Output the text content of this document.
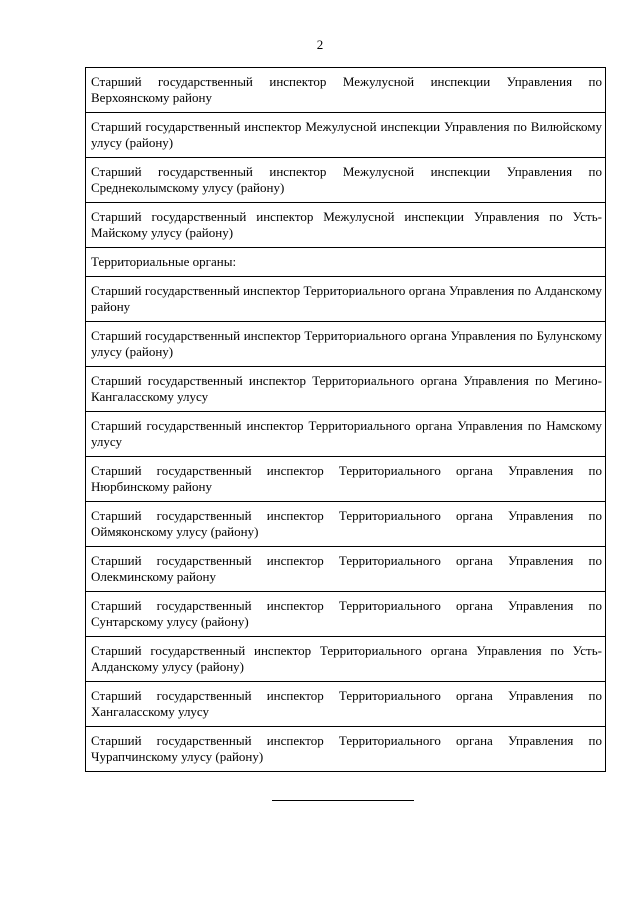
2
Старший государственный инспектор Межулусной инспекции Управления по Верхоянскому району

Старший государственный инспектор Межулусной инспекции Управления по Вилюйскому улусу (району)

Старший государственный инспектор Межулусной инспекции Управления по Среднеколымскому улусу (району)

Старший государственный инспектор Межулусной инспекции Управления по Усть-Майскому улусу (району)

Территориальные органы:

Старший государственный инспектор Территориального органа Управления по Алданскому району

Старший государственный инспектор Территориального органа Управления по Булунскому улусу (району)

Старший государственный инспектор Территориального органа Управления по Мегино-Кангаласскому улусу

Старший государственный инспектор Территориального органа Управления по Намскому улусу

Старший государственный инспектор Территориального органа Управления по Нюрбинскому району

Старший государственный инспектор Территориального органа Управления по Оймяконскому улусу (району)

Старший государственный инспектор Территориального органа Управления по Олекминскому району

Старший государственный инспектор Территориального органа Управления по Сунтарскому улусу (району)

Старший государственный инспектор Территориального органа Управления по Усть-Алданскому улусу (району)

Старший государственный инспектор Территориального органа Управления по Хангаласскому улусу

Старший государственный инспектор Территориального органа Управления по Чурапчинскому улусу (району)
